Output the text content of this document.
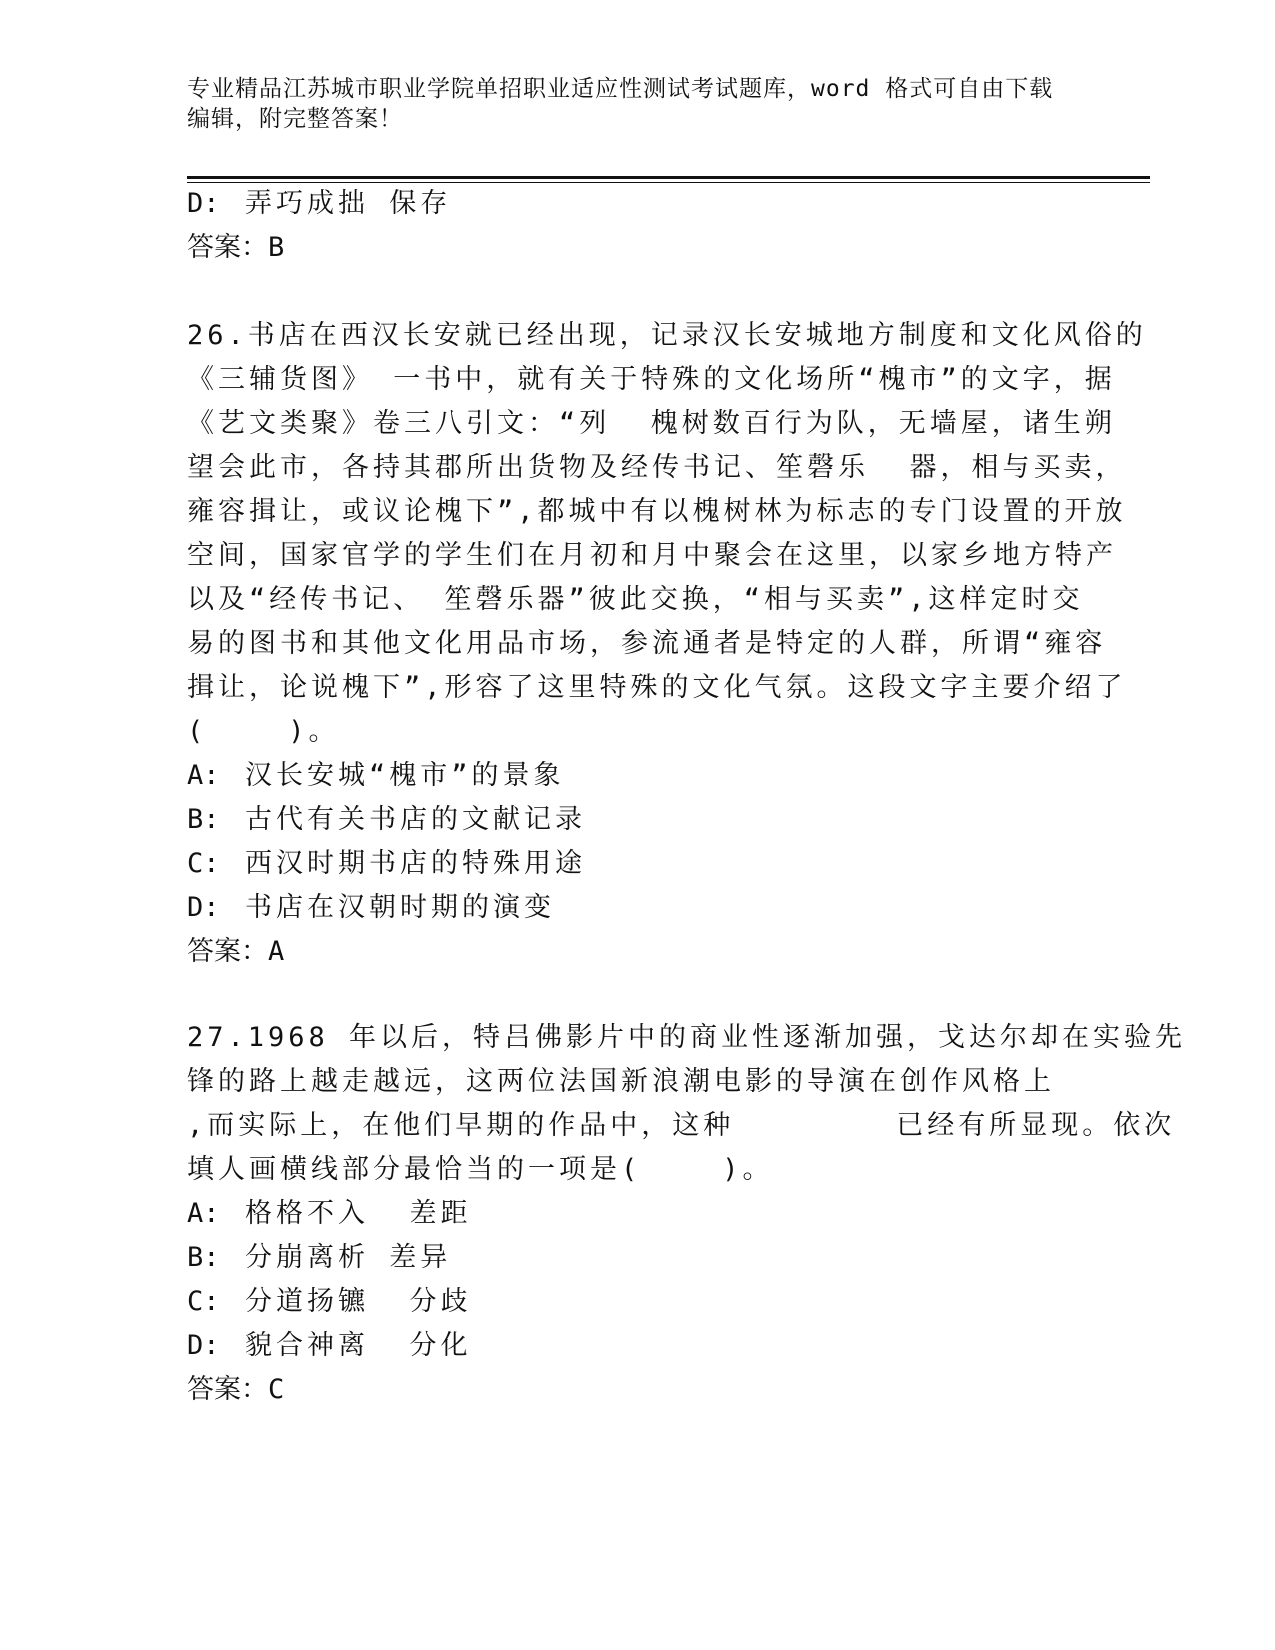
专业精品江苏城市职业学院单招职业适应性测试考试题库，word 格式可自由下载
编辑，附完整答案！
D: 弄巧成拙 保存
答案：B
26.书店在西汉长安就已经出现，记录汉长安城地方制度和文化风俗的
《三辅货图》 一书中，就有关于特殊的文化场所“槐市”的文字，据
《艺文类聚》卷三八引文：“列  槐树数百行为队，无墙屋，诸生朔
望会此市，各持其郡所出货物及经传书记、笙磬乐  器，相与买卖，
雍容揖让，或议论槐下”,都城中有以槐树林为标志的专门设置的开放
空间，国家官学的学生们在月初和月中聚会在这里，以家乡地方特产
以及“经传书记、 笙磬乐器”彼此交换，“相与买卖”,这样定时交
易的图书和其他文化用品市场，参流通者是特定的人群，所谓“雍容
揖让，论说槐下”,形容了这里特殊的文化气氛。这段文字主要介绍了
(    )。
A: 汉长安城“槐市”的景象
B: 古代有关书店的文献记录
C: 西汉时期书店的特殊用途
D: 书店在汉朝时期的演变
答案：A
27.1968 年以后，特吕佛影片中的商业性逐渐加强，戈达尔却在实验先
锋的路上越走越远，这两位法国新浪潮电影的导演在创作风格上
,而实际上，在他们早期的作品中，这种        已经有所显现。依次
填人画横线部分最恰当的一项是(    )。
A: 格格不入  差距
B: 分崩离析 差异
C: 分道扬镳  分歧
D: 貌合神离  分化
答案：C
